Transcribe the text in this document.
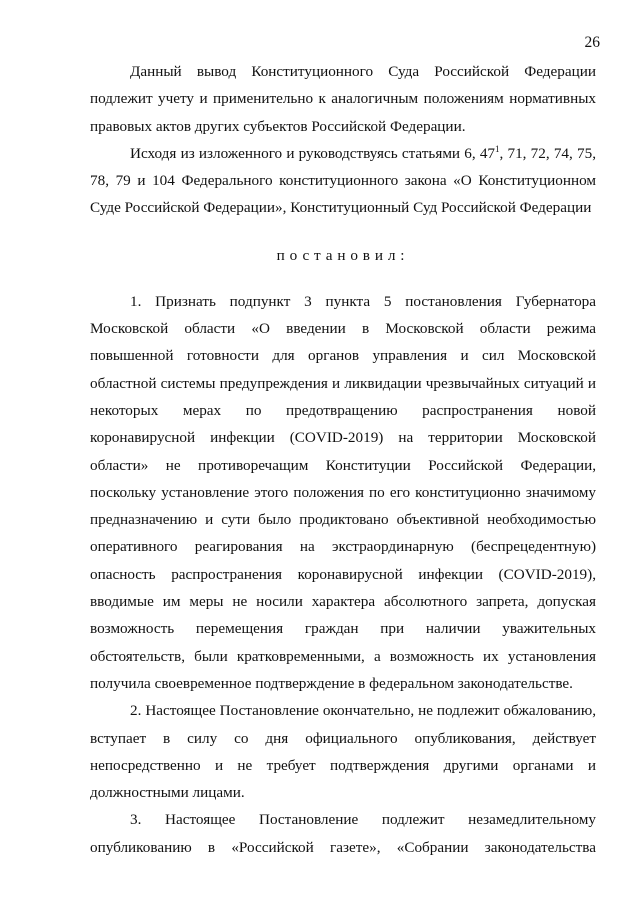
26

Данный вывод Конституционного Суда Российской Федерации подлежит учету и применительно к аналогичным положениям нормативных правовых актов других субъектов Российской Федерации.

Исходя из изложенного и руководствуясь статьями 6, $47^1$, 71, 72, 74, 75, 78, 79 и 104 Федерального конституционного закона «О Конституционном Суде Российской Федерации», Конституционный Суд Российской Федерации

постановил:

1. Признать подпункт 3 пункта 5 постановления Губернатора Московской области «О введении в Московской области режима повышенной готовности для органов управления и сил Московской областной системы предупреждения и ликвидации чрезвычайных ситуаций и некоторых мерах по предотвращению распространения новой коронавирусной инфекции (COVID-2019) на территории Московской области» не противоречащим Конституции Российской Федерации, поскольку установление этого положения по его конституционно значимому предназначению и сути было продиктовано объективной необходимостью оперативного реагирования на экстраординарную (беспрецедентную) опасность распространения коронавирусной инфекции (COVID-2019), вводимые им меры не носили характера абсолютного запрета, допуская возможность перемещения граждан при наличии уважительных обстоятельств, были кратковременными, а возможность их установления получила своевременное подтверждение в федеральном законодательстве.

2. Настоящее Постановление окончательно, не подлежит обжалованию, вступает в силу со дня официального опубликования, действует непосредственно и не требует подтверждения другими органами и должностными лицами.

3. Настоящее Постановление подлежит незамедлительному опубликованию в «Российской газете», «Собрании законодательства
